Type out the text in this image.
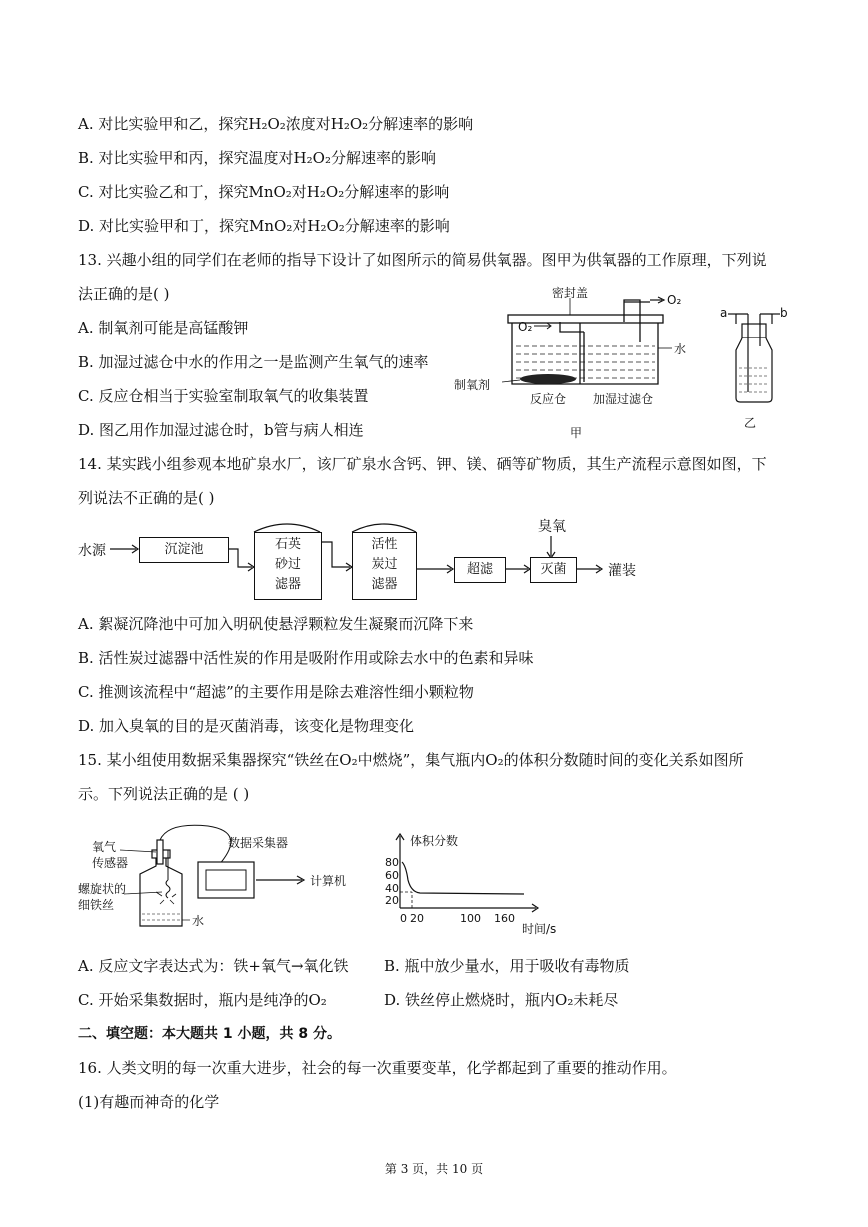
A. 对比实验甲和乙，探究H₂O₂浓度对H₂O₂分解速率的影响
B. 对比实验甲和丙，探究温度对H₂O₂分解速率的影响
C. 对比实验乙和丁，探究MnO₂对H₂O₂分解速率的影响
D. 对比实验甲和丁，探究MnO₂对H₂O₂分解速率的影响
13. 兴趣小组的同学们在老师的指导下设计了如图所示的简易供氧器。图甲为供氧器的工作原理，下列说
法正确的是( )
A. 制氧剂可能是高锰酸钾
B. 加湿过滤仓中水的作用之一是监测产生氧气的速率
C. 反应仓相当于实验室制取氧气的收集装置
D. 图乙用作加湿过滤仓时，b管与病人相连
密封盖	O₂
O₂
水
制氧剂
反应仓 加湿过滤仓
甲
a	b
乙
14. 某实践小组参观本地矿泉水厂，该厂矿泉水含钙、钾、镁、硒等矿物质，其生产流程示意图如图，下
列说法不正确的是( )
水源	沉淀池	石英
砂过
滤器
活性
炭过
滤器
超滤	灭菌
臭氧
灌装
A. 絮凝沉降池中可加入明矾使悬浮颗粒发生凝聚而沉降下来
B. 活性炭过滤器中活性炭的作用是吸附作用或除去水中的色素和异味
C. 推测该流程中“超滤”的主要作用是除去难溶性细小颗粒物
D. 加入臭氧的目的是灭菌消毒，该变化是物理变化
15. 某小组使用数据采集器探究“铁丝在O₂中燃烧”，集气瓶内O₂的体积分数随时间的变化关系如图所
示。下列说法正确的是 ( )
氧气
传感器
螺旋状的
细铁丝
水
数据采集器
计算机
体积分数
80
60
40
20
0 20	100 160
时间/s
A. 反应文字表达式为：铁+氧气→氧化铁 B. 瓶中放少量水，用于吸收有毒物质
C. 开始采集数据时，瓶内是纯净的O₂	D. 铁丝停止燃烧时，瓶内O₂未耗尽
二、填空题：本大题共 1 小题，共 8 分。
16. 人类文明的每一次重大进步，社会的每一次重要变革，化学都起到了重要的推动作用。
(1)有趣而神奇的化学
第 3 页，共 10 页
